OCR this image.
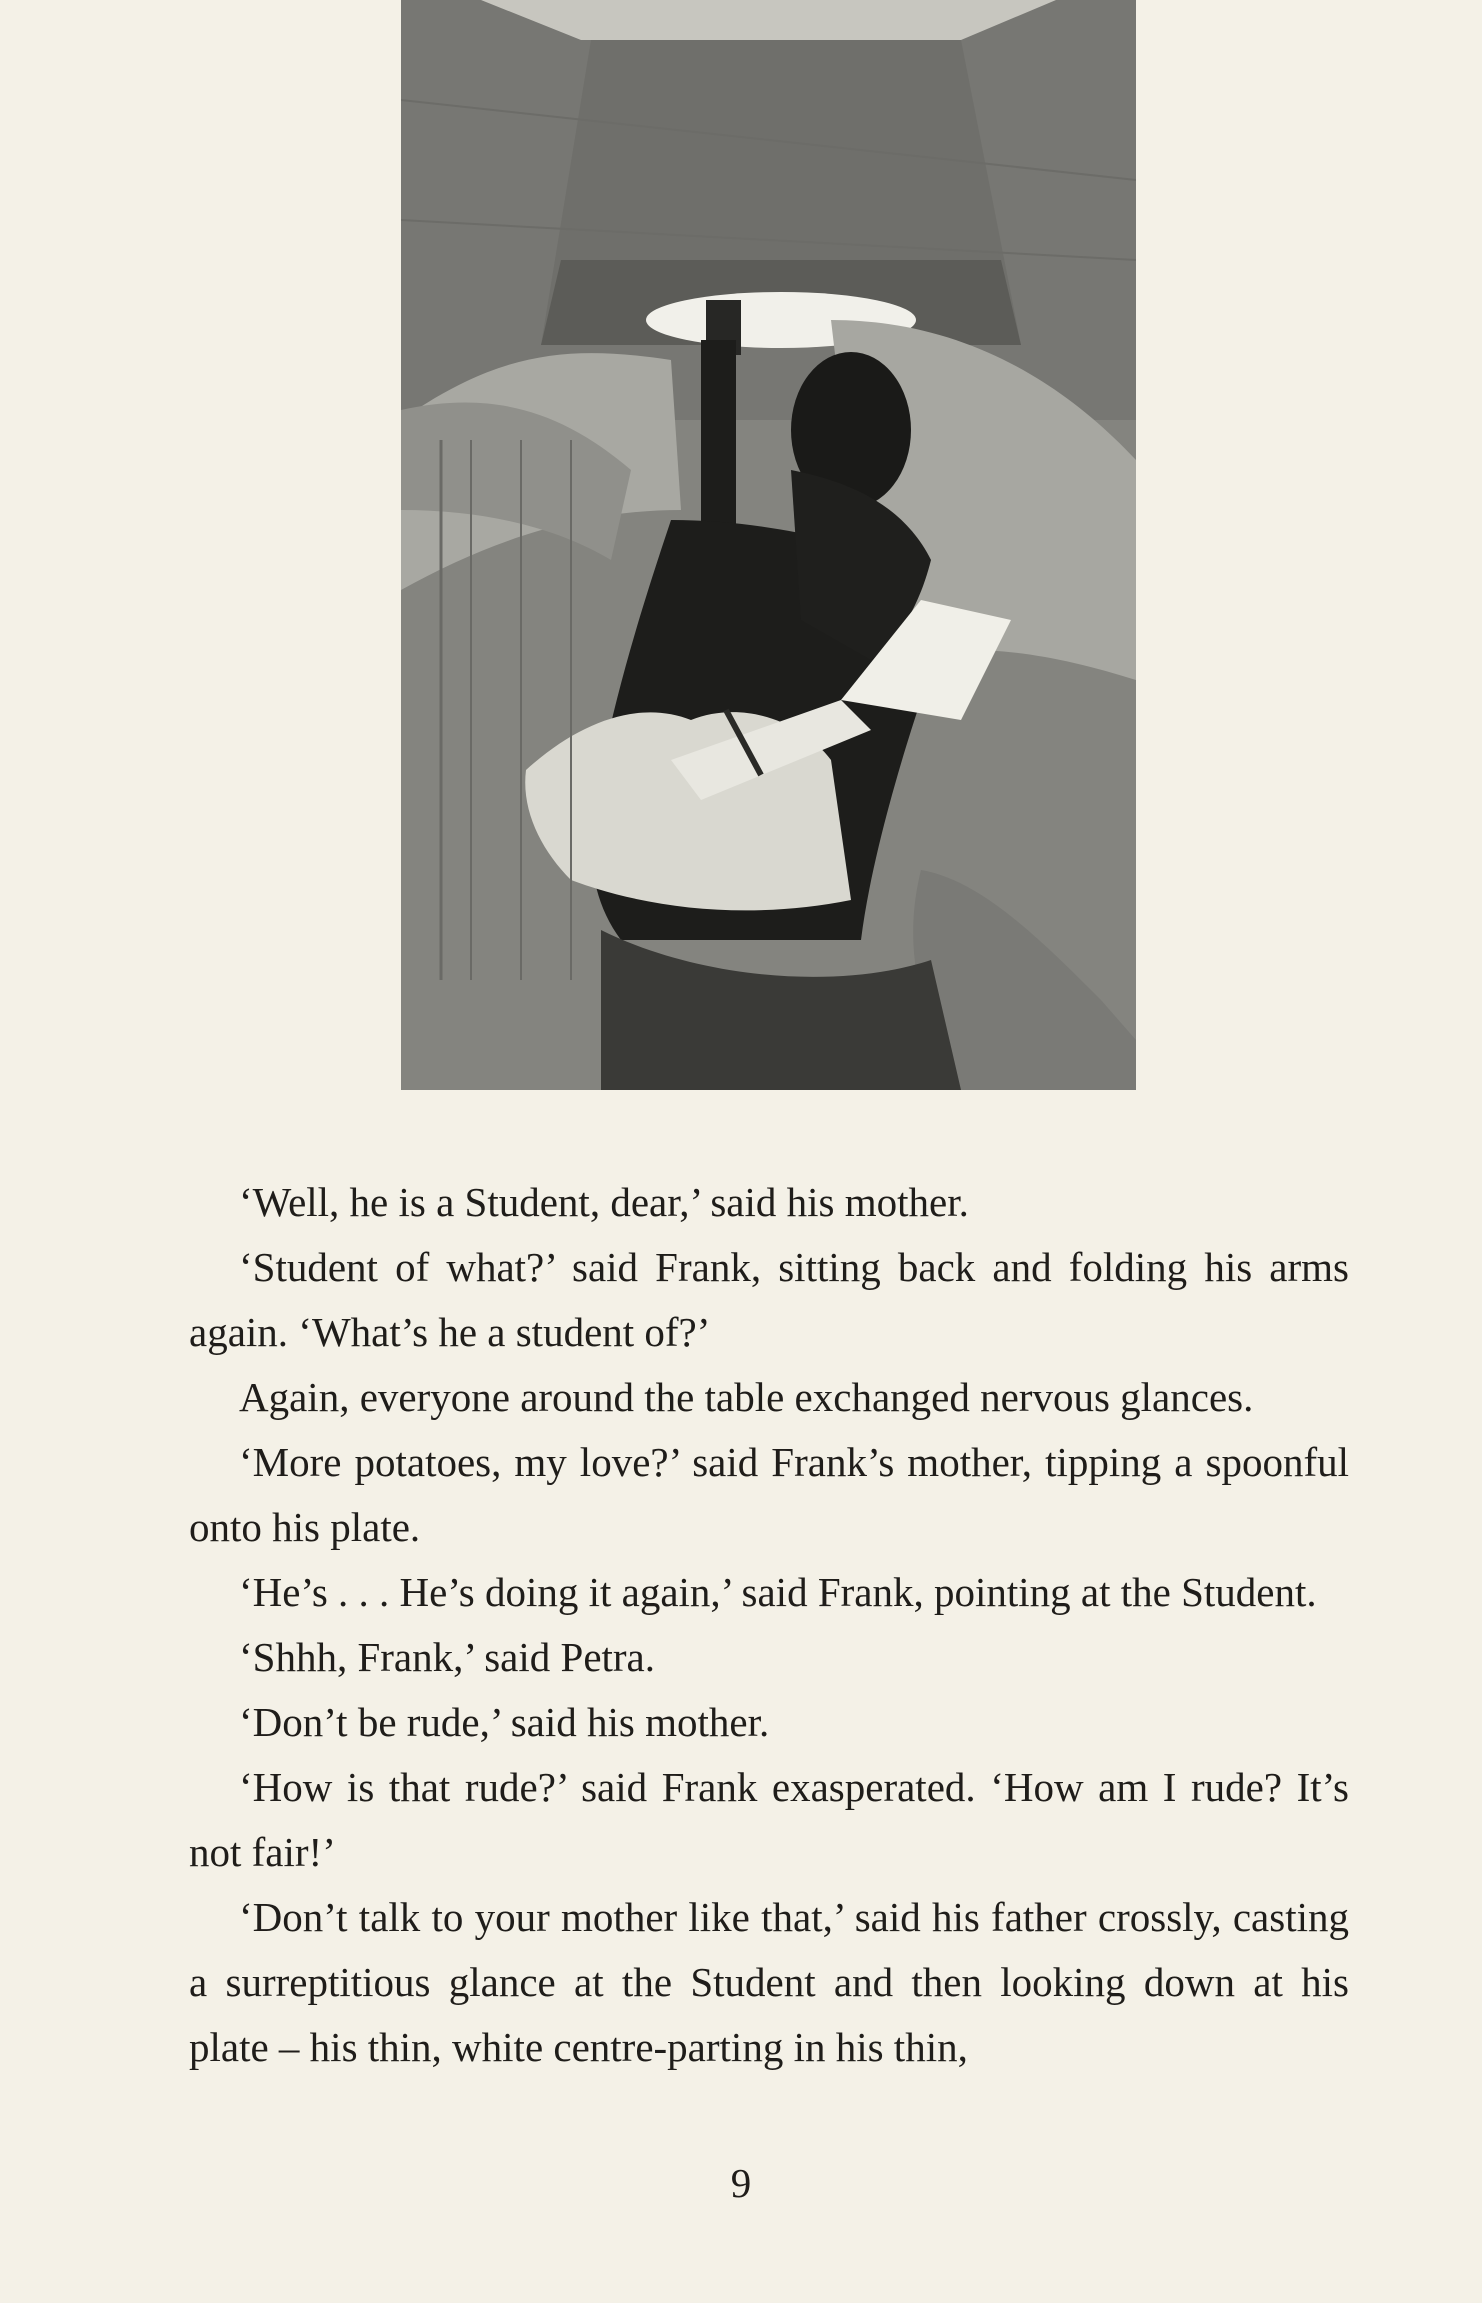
‘Well, he is a Student, dear,’ said his mother.

‘Student of what?’ said Frank, sitting back and folding his arms again. ‘What’s he a student of?’

Again, everyone around the table exchanged nervous glances.

‘More potatoes, my love?’ said Frank’s mother, tipping a spoonful onto his plate.

‘He’s . . . He’s doing it again,’ said Frank, pointing at the Student.

‘Shhh, Frank,’ said Petra.

‘Don’t be rude,’ said his mother.

‘How is that rude?’ said Frank exasperated. ‘How am I rude? It’s not fair!’

‘Don’t talk to your mother like that,’ said his father crossly, casting a surreptitious glance at the Student and then looking down at his plate – his thin, white centre-parting in his thin,

9
